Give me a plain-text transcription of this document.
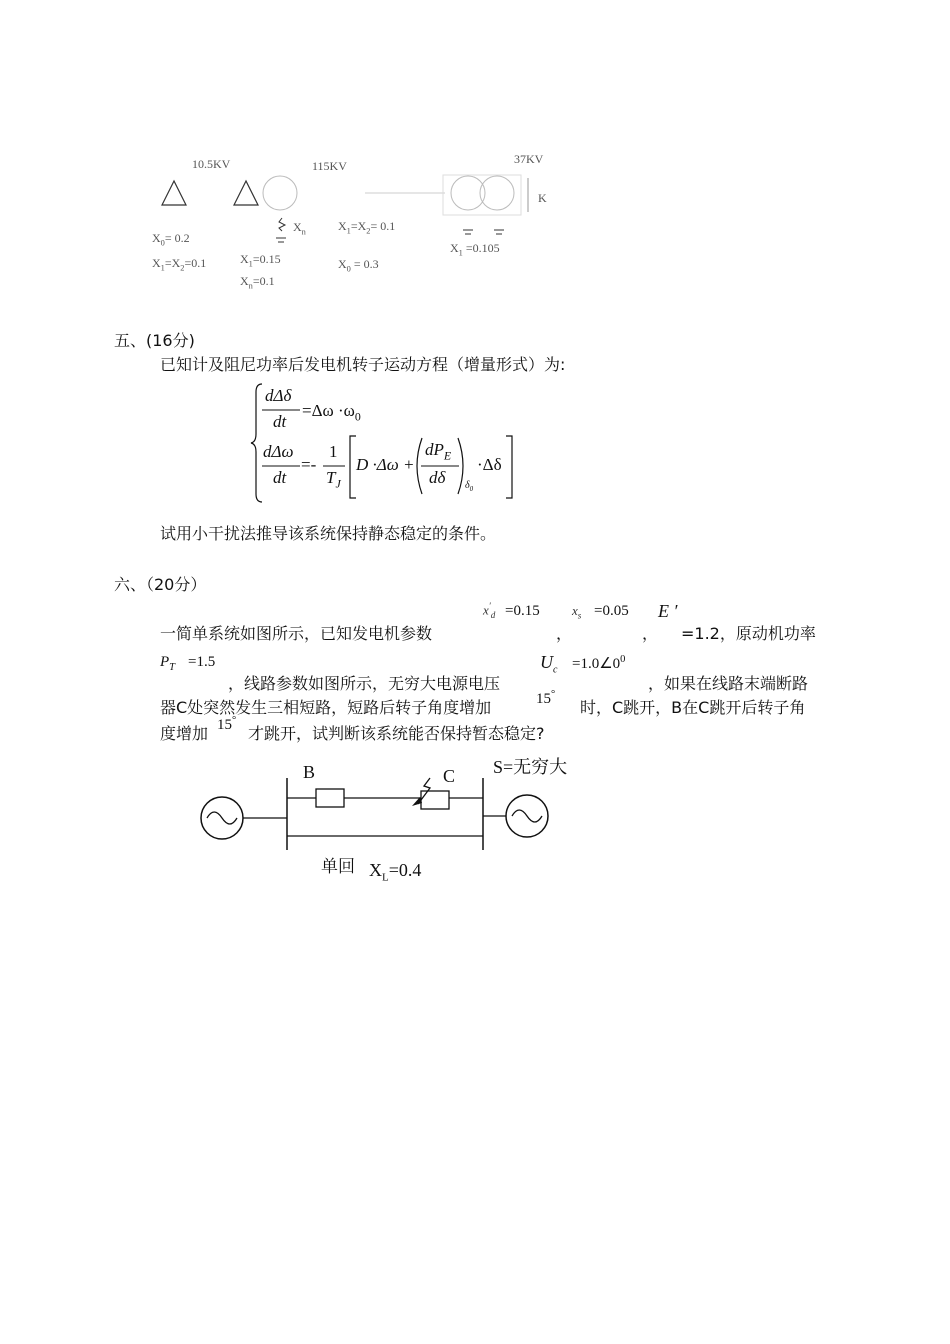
10.5KV	115KV	37KV
K
$X_n$
$X_0= 0.2$
$X_1=X_2=0.1$	$X_1=0.15$
$X_n=0.1$
$X_1=X_2= 0.1$
$X_0 = 0.3$
$X_1 =0.105$
五、(16分)
已知计及阻尼功率后发电机转子运动方程（增量形式）为:
dΔδ
dt
$=\Delta\omega \cdot\omega_0$
dΔω
dt
=-
1
$T_J$
D ·Δω +
$dP_E$
dδ $\delta_0$
·Δδ
试用小干扰法推导该系统保持静态稳定的条件。
六、（20分）
一简单系统如图所示，已知发电机参数
$x'_d =0.15$
，
$x_s =0.05$
，
E ′
=1.2，原动机功率
$P_T =1.5$
，线路参数如图所示，无穷大电源电压
$U_c$ $=1.0\angle 0^0$
，如果在线路末端断路
器C处突然发生三相短路，短路后转子角度增加	15°
时，C跳开，B在C跳开后转子角
度增加 15°
才跳开，试判断该系统能否保持暂态稳定?
B	C S=无穷大
单回 $X_L=0.4$
